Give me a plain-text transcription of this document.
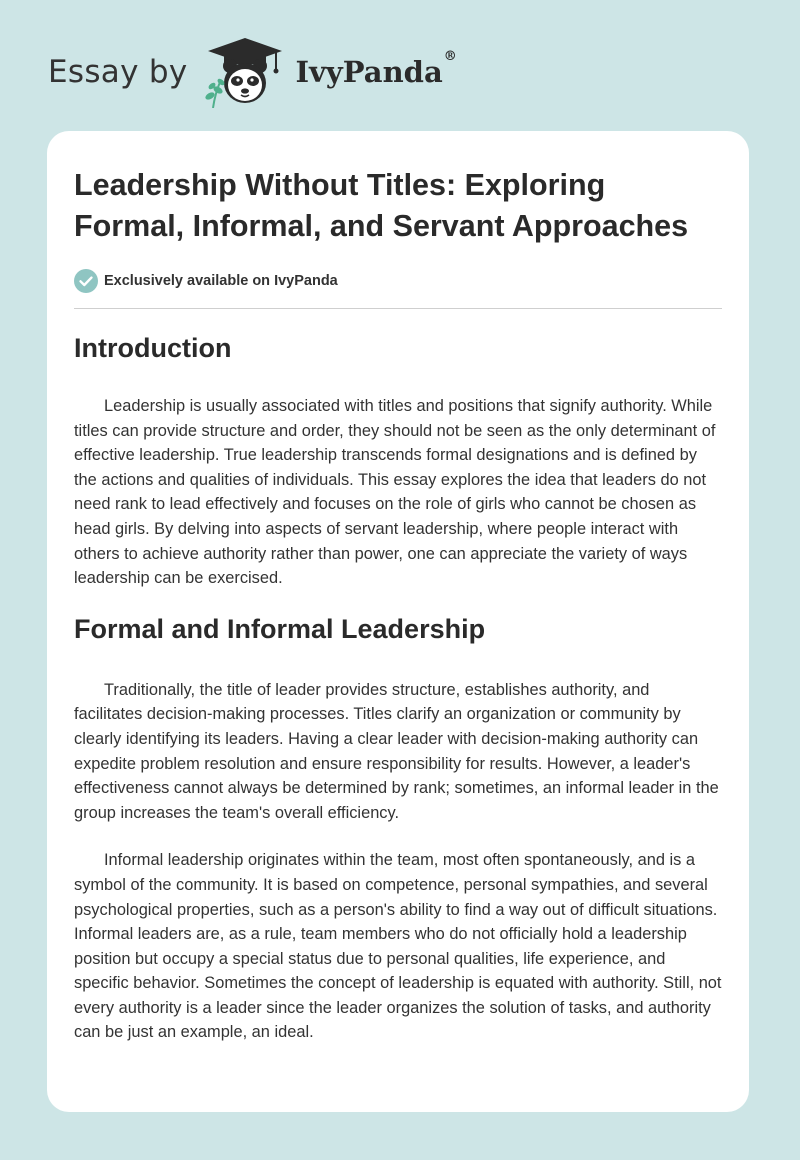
Essay by	IvyPanda®
Leadership Without Titles: Exploring Formal, Informal, and Servant Approaches
Exclusively available on IvyPanda
Introduction

Leadership is usually associated with titles and positions that signify authority. While titles can provide structure and order, they should not be seen as the only determinant of effective leadership. True leadership transcends formal designations and is defined by the actions and qualities of individuals. This essay explores the idea that leaders do not need rank to lead effectively and focuses on the role of girls who cannot be chosen as head girls. By delving into aspects of servant leadership, where people interact with others to achieve authority rather than power, one can appreciate the variety of ways leadership can be exercised.

Formal and Informal Leadership

Traditionally, the title of leader provides structure, establishes authority, and facilitates decision-making processes. Titles clarify an organization or community by clearly identifying its leaders. Having a clear leader with decision-making authority can expedite problem resolution and ensure responsibility for results. However, a leader's effectiveness cannot always be determined by rank; sometimes, an informal leader in the group increases the team's overall efficiency.

Informal leadership originates within the team, most often spontaneously, and is a symbol of the community. It is based on competence, personal sympathies, and several psychological properties, such as a person's ability to find a way out of difficult situations. Informal leaders are, as a rule, team members who do not officially hold a leadership position but occupy a special status due to personal qualities, life experience, and specific behavior. Sometimes the concept of leadership is equated with authority. Still, not every authority is a leader since the leader organizes the solution of tasks, and authority can be just an example, an ideal.
